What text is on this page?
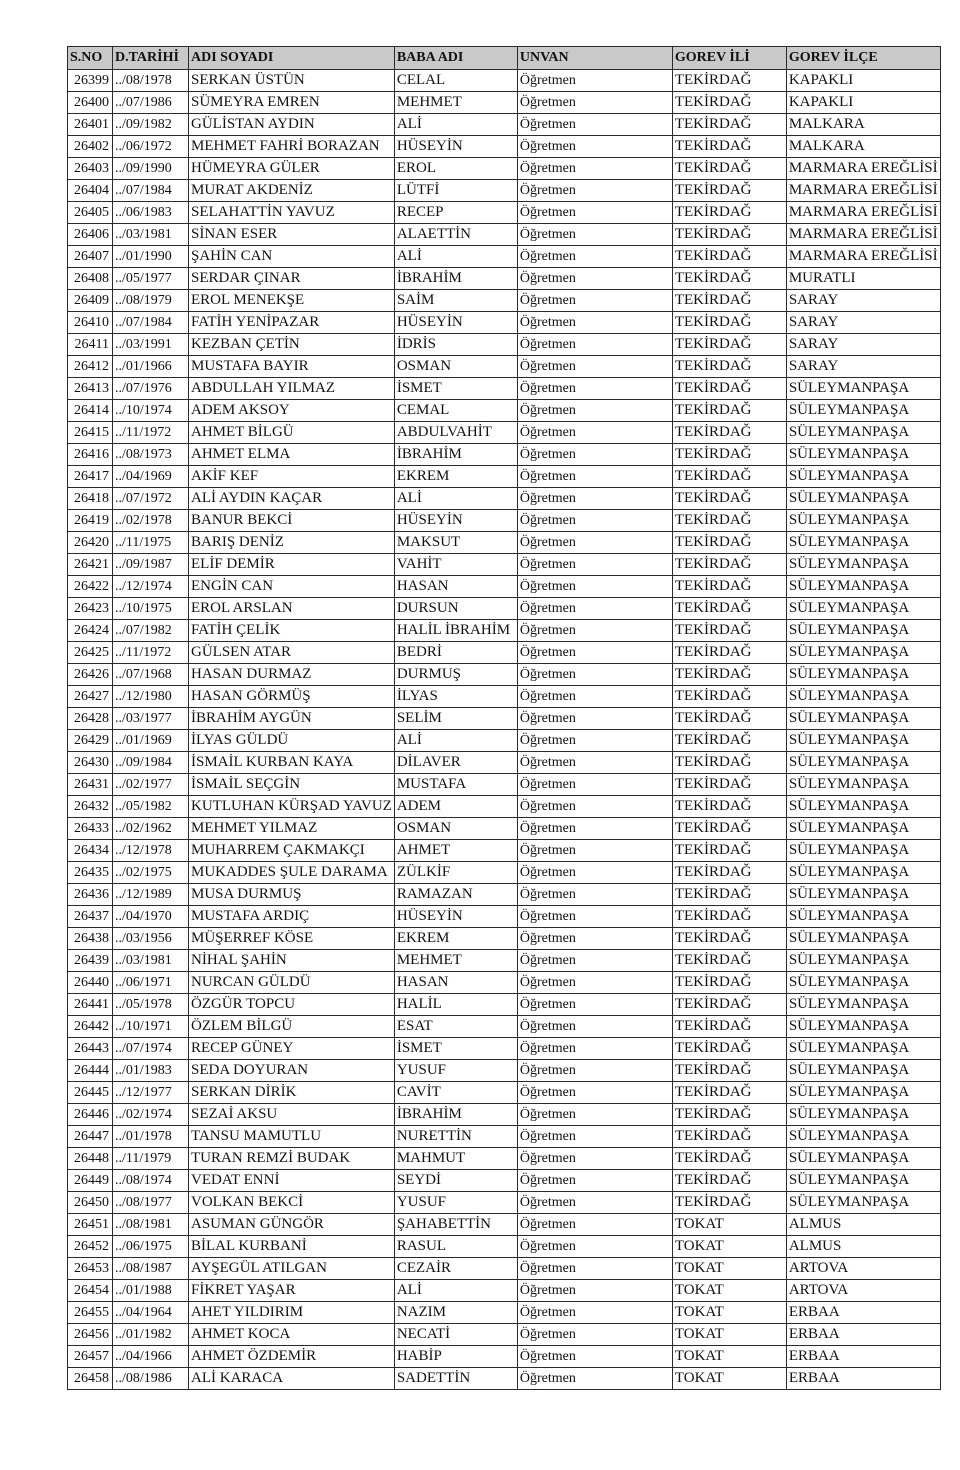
S.NO	D.TARİHİ	ADI SOYADI	BABA ADI	UNVAN	GOREV İLİ	GOREV İLÇE
26399	../08/1978	SERKAN ÜSTÜN	CELAL	Öğretmen	TEKİRDAĞ	KAPAKLI
26400	../07/1986	SÜMEYRA EMREN	MEHMET	Öğretmen	TEKİRDAĞ	KAPAKLI
26401	../09/1982	GÜLİSTAN AYDIN	ALİ	Öğretmen	TEKİRDAĞ	MALKARA
26402	../06/1972	MEHMET FAHRİ BORAZAN	HÜSEYİN	Öğretmen	TEKİRDAĞ	MALKARA
26403	../09/1990	HÜMEYRA GÜLER	EROL	Öğretmen	TEKİRDAĞ	MARMARA EREĞLİSİ
26404	../07/1984	MURAT AKDENİZ	LÜTFİ	Öğretmen	TEKİRDAĞ	MARMARA EREĞLİSİ
26405	../06/1983	SELAHATTİN YAVUZ	RECEP	Öğretmen	TEKİRDAĞ	MARMARA EREĞLİSİ
26406	../03/1981	SİNAN ESER	ALAETTİN	Öğretmen	TEKİRDAĞ	MARMARA EREĞLİSİ
26407	../01/1990	ŞAHİN CAN	ALİ	Öğretmen	TEKİRDAĞ	MARMARA EREĞLİSİ
26408	../05/1977	SERDAR ÇINAR	İBRAHİM	Öğretmen	TEKİRDAĞ	MURATLI
26409	../08/1979	EROL MENEKŞE	SAİM	Öğretmen	TEKİRDAĞ	SARAY
26410	../07/1984	FATİH YENİPAZAR	HÜSEYİN	Öğretmen	TEKİRDAĞ	SARAY
26411	../03/1991	KEZBAN ÇETİN	İDRİS	Öğretmen	TEKİRDAĞ	SARAY
26412	../01/1966	MUSTAFA BAYIR	OSMAN	Öğretmen	TEKİRDAĞ	SARAY
26413	../07/1976	ABDULLAH YILMAZ	İSMET	Öğretmen	TEKİRDAĞ	SÜLEYMANPAŞA
26414	../10/1974	ADEM AKSOY	CEMAL	Öğretmen	TEKİRDAĞ	SÜLEYMANPAŞA
26415	../11/1972	AHMET BİLGÜ	ABDULVAHİT	Öğretmen	TEKİRDAĞ	SÜLEYMANPAŞA
26416	../08/1973	AHMET ELMA	İBRAHİM	Öğretmen	TEKİRDAĞ	SÜLEYMANPAŞA
26417	../04/1969	AKİF KEF	EKREM	Öğretmen	TEKİRDAĞ	SÜLEYMANPAŞA
26418	../07/1972	ALİ AYDIN KAÇAR	ALİ	Öğretmen	TEKİRDAĞ	SÜLEYMANPAŞA
26419	../02/1978	BANUR BEKCİ	HÜSEYİN	Öğretmen	TEKİRDAĞ	SÜLEYMANPAŞA
26420	../11/1975	BARIŞ DENİZ	MAKSUT	Öğretmen	TEKİRDAĞ	SÜLEYMANPAŞA
26421	../09/1987	ELİF DEMİR	VAHİT	Öğretmen	TEKİRDAĞ	SÜLEYMANPAŞA
26422	../12/1974	ENGİN CAN	HASAN	Öğretmen	TEKİRDAĞ	SÜLEYMANPAŞA
26423	../10/1975	EROL ARSLAN	DURSUN	Öğretmen	TEKİRDAĞ	SÜLEYMANPAŞA
26424	../07/1982	FATİH ÇELİK	HALİL İBRAHİM	Öğretmen	TEKİRDAĞ	SÜLEYMANPAŞA
26425	../11/1972	GÜLSEN ATAR	BEDRİ	Öğretmen	TEKİRDAĞ	SÜLEYMANPAŞA
26426	../07/1968	HASAN DURMAZ	DURMUŞ	Öğretmen	TEKİRDAĞ	SÜLEYMANPAŞA
26427	../12/1980	HASAN GÖRMÜŞ	İLYAS	Öğretmen	TEKİRDAĞ	SÜLEYMANPAŞA
26428	../03/1977	İBRAHİM AYGÜN	SELİM	Öğretmen	TEKİRDAĞ	SÜLEYMANPAŞA
26429	../01/1969	İLYAS GÜLDÜ	ALİ	Öğretmen	TEKİRDAĞ	SÜLEYMANPAŞA
26430	../09/1984	İSMAİL KURBAN KAYA	DİLAVER	Öğretmen	TEKİRDAĞ	SÜLEYMANPAŞA
26431	../02/1977	İSMAİL SEÇGİN	MUSTAFA	Öğretmen	TEKİRDAĞ	SÜLEYMANPAŞA
26432	../05/1982	KUTLUHAN KÜRŞAD YAVUZ	ADEM	Öğretmen	TEKİRDAĞ	SÜLEYMANPAŞA
26433	../02/1962	MEHMET YILMAZ	OSMAN	Öğretmen	TEKİRDAĞ	SÜLEYMANPAŞA
26434	../12/1978	MUHARREM ÇAKMAKÇI	AHMET	Öğretmen	TEKİRDAĞ	SÜLEYMANPAŞA
26435	../02/1975	MUKADDES ŞULE DARAMA	ZÜLKİF	Öğretmen	TEKİRDAĞ	SÜLEYMANPAŞA
26436	../12/1989	MUSA DURMUŞ	RAMAZAN	Öğretmen	TEKİRDAĞ	SÜLEYMANPAŞA
26437	../04/1970	MUSTAFA ARDIÇ	HÜSEYİN	Öğretmen	TEKİRDAĞ	SÜLEYMANPAŞA
26438	../03/1956	MÜŞERREF KÖSE	EKREM	Öğretmen	TEKİRDAĞ	SÜLEYMANPAŞA
26439	../03/1981	NİHAL ŞAHİN	MEHMET	Öğretmen	TEKİRDAĞ	SÜLEYMANPAŞA
26440	../06/1971	NURCAN GÜLDÜ	HASAN	Öğretmen	TEKİRDAĞ	SÜLEYMANPAŞA
26441	../05/1978	ÖZGÜR TOPCU	HALİL	Öğretmen	TEKİRDAĞ	SÜLEYMANPAŞA
26442	../10/1971	ÖZLEM BİLGÜ	ESAT	Öğretmen	TEKİRDAĞ	SÜLEYMANPAŞA
26443	../07/1974	RECEP GÜNEY	İSMET	Öğretmen	TEKİRDAĞ	SÜLEYMANPAŞA
26444	../01/1983	SEDA DOYURAN	YUSUF	Öğretmen	TEKİRDAĞ	SÜLEYMANPAŞA
26445	../12/1977	SERKAN DİRİK	CAVİT	Öğretmen	TEKİRDAĞ	SÜLEYMANPAŞA
26446	../02/1974	SEZAİ AKSU	İBRAHİM	Öğretmen	TEKİRDAĞ	SÜLEYMANPAŞA
26447	../01/1978	TANSU MAMUTLU	NURETTİN	Öğretmen	TEKİRDAĞ	SÜLEYMANPAŞA
26448	../11/1979	TURAN REMZİ BUDAK	MAHMUT	Öğretmen	TEKİRDAĞ	SÜLEYMANPAŞA
26449	../08/1974	VEDAT ENNİ	SEYDİ	Öğretmen	TEKİRDAĞ	SÜLEYMANPAŞA
26450	../08/1977	VOLKAN BEKCİ	YUSUF	Öğretmen	TEKİRDAĞ	SÜLEYMANPAŞA
26451	../08/1981	ASUMAN GÜNGÖR	ŞAHABETTİN	Öğretmen	TOKAT	ALMUS
26452	../06/1975	BİLAL KURBANİ	RASUL	Öğretmen	TOKAT	ALMUS
26453	../08/1987	AYŞEGÜL ATILGAN	CEZAİR	Öğretmen	TOKAT	ARTOVA
26454	../01/1988	FİKRET YAŞAR	ALİ	Öğretmen	TOKAT	ARTOVA
26455	../04/1964	AHET YILDIRIM	NAZIM	Öğretmen	TOKAT	ERBAA
26456	../01/1982	AHMET KOCA	NECATİ	Öğretmen	TOKAT	ERBAA
26457	../04/1966	AHMET ÖZDEMİR	HABİP	Öğretmen	TOKAT	ERBAA
26458	../08/1986	ALİ KARACA	SADETTİN	Öğretmen	TOKAT	ERBAA
